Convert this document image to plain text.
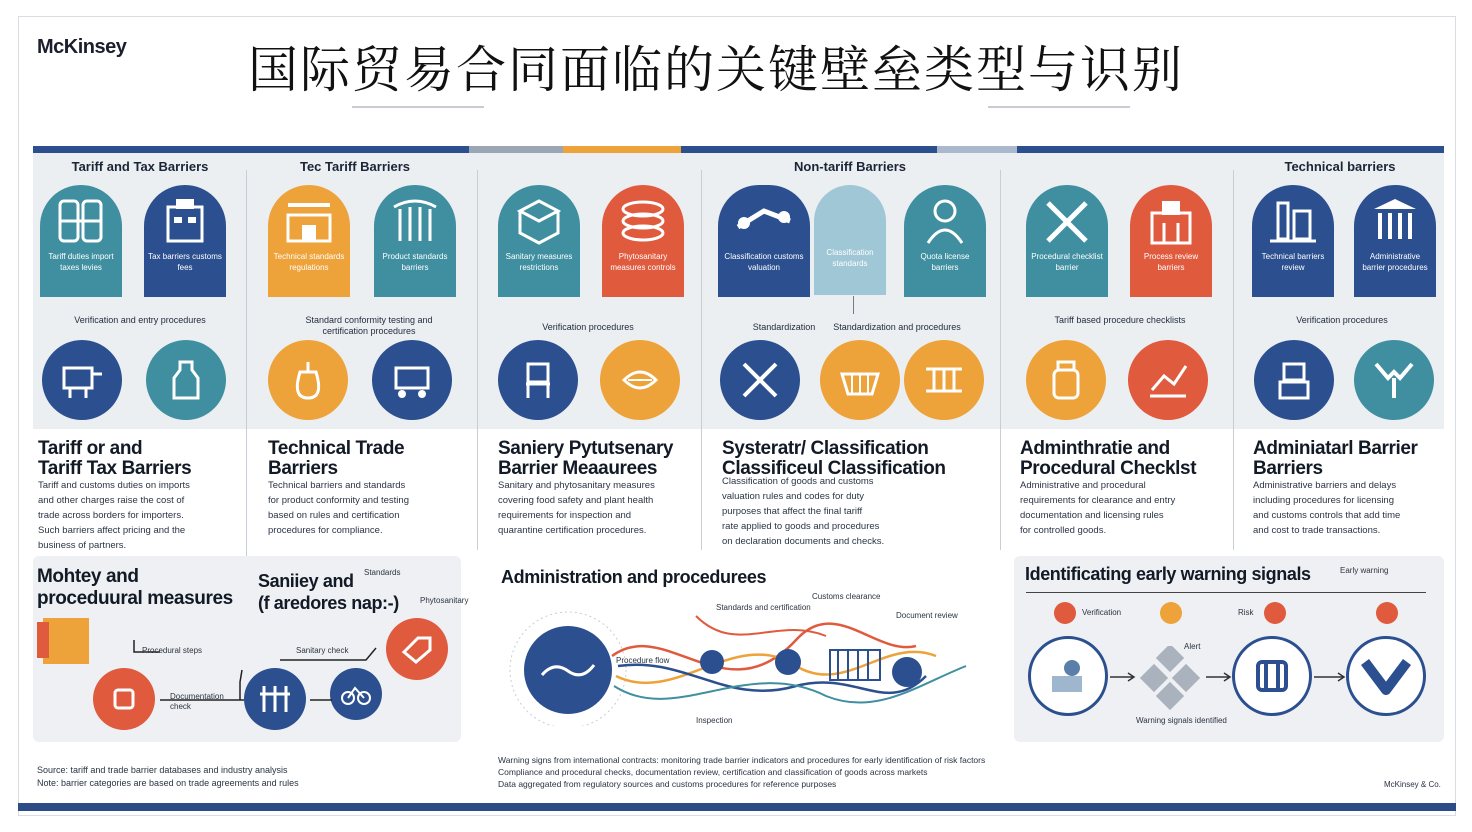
McKinsey 国际贸易合同面临的关键壁垒类型与识别
Tariff and Tax Barriers	Tec Tariff Barriers	Non-tariff Barriers	Technical barriers
Tariff duties import taxes levies
Tax barriers customs fees
Technical standards regulations
Product standards barriers
Sanitary measures restrictions
Phytosanitary measures controls
Classification customs valuation
Classification standards
Quota license barriers
Procedural checklist barrier
Process review barriers
Technical barriers review
Administrative barrier procedures
Verification and entry procedures	Standard conformity testing and certification procedures	Verification procedures	Standardization	Standardization and procedures
Tariff based procedure checklists	Verification procedures
Tariff or and
Tariff Tax Barriers
Tariff and customs duties on imports
and other charges raise the cost of
trade across borders for importers.
Such barriers affect pricing and the
business of partners.
Technical Trade
Barriers
Technical barriers and standards
for product conformity and testing
based on rules and certification
procedures for compliance.
Saniery Pytutsenary
Barrier Meaaurees
Sanitary and phytosanitary measures
covering food safety and plant health
requirements for inspection and
quarantine certification procedures.
Systeratr/ Classification
Classificeul Classification
Classification of goods and customs
valuation rules and codes for duty
purposes that affect the final tariff
rate applied to goods and procedures
on declaration documents and checks.
Adminthratie and
Procedural Checklst
Administrative and procedural
requirements for clearance and entry
documentation and licensing rules
for controlled goods.
Adminiatarl Barrier
Barriers
Administrative barriers and delays
including procedures for licensing
and customs controls that add time
and cost to trade transactions.
Mohtey and
proceduural measures
Saniiey and
(f aredores nap:-)
Procedural steps
Documentation check
Sanitary check
Standards
Phytosanitary
Administration and procedurees
Standards and certification
Procedure flow
Customs clearance
Document review
Inspection
Identificating early warning signals	Early warning
Verification	Risk
Alert
Warning signals identified
Source: tariff and trade barrier databases and industry analysis
Note: barrier categories are based on trade agreements and rules
Warning signs from international contracts: monitoring trade barrier indicators and procedures for early identification of risk factors
Compliance and procedural checks, documentation review, certification and classification of goods across markets
Data aggregated from regulatory sources and customs procedures for reference purposes	McKinsey & Co.
